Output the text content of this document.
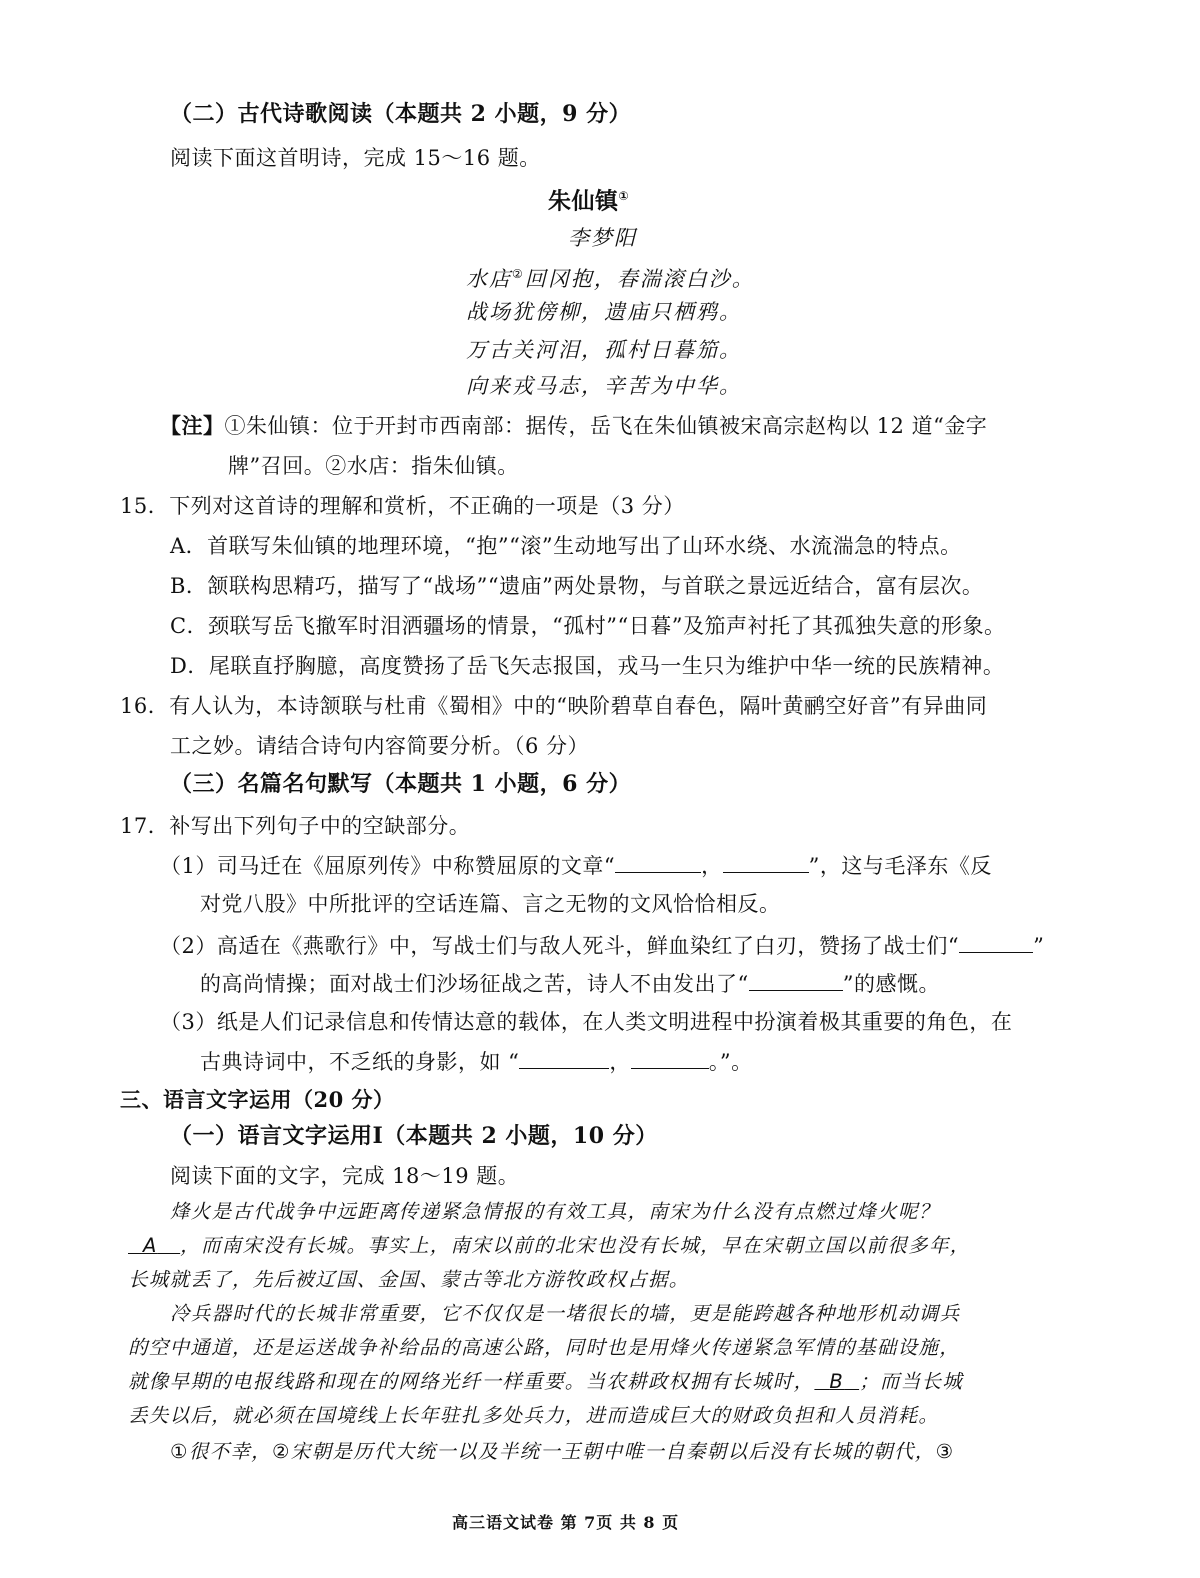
（二）古代诗歌阅读（本题共 2 小题，9 分）
阅读下面这首明诗，完成 15～16 题。
朱仙镇①
李梦阳
水店②回冈抱，春湍滚白沙。
战场犹傍柳，遗庙只栖鸦。
万古关河泪，孤村日暮笳。
向来戎马志，辛苦为中华。
【注】①朱仙镇：位于开封市西南部：据传，岳飞在朱仙镇被宋高宗赵构以 12 道“金字
牌”召回。②水店：指朱仙镇。
15．下列对这首诗的理解和赏析，不正确的一项是（3 分）
A．首联写朱仙镇的地理环境，“抱”“滚”生动地写出了山环水绕、水流湍急的特点。
B．颔联构思精巧，描写了“战场”“遗庙”两处景物，与首联之景远近结合，富有层次。
C．颈联写岳飞撤军时泪洒疆场的情景，“孤村”“日暮”及笳声衬托了其孤独失意的形象。
D．尾联直抒胸臆，高度赞扬了岳飞矢志报国，戎马一生只为维护中华一统的民族精神。
16．有人认为，本诗颔联与杜甫《蜀相》中的“映阶碧草自春色，隔叶黄鹂空好音”有异曲同
工之妙。请结合诗句内容简要分析。（6 分）
（三）名篇名句默写（本题共 1 小题，6 分）
17．补写出下列句子中的空缺部分。
（1）司马迁在《屈原列传》中称赞屈原的文章“	，	”，这与毛泽东《反
对党八股》中所批评的空话连篇、言之无物的文风恰恰相反。
（2）高适在《燕歌行》中，写战士们与敌人死斗，鲜血染红了白刃，赞扬了战士们“	”
的高尚情操；面对战士们沙场征战之苦，诗人不由发出了“	”的感慨。
（3）纸是人们记录信息和传情达意的载体，在人类文明进程中扮演着极其重要的角色，在
古典诗词中，不乏纸的身影，如 “	，	。”。
三、语言文字运用（20 分）
（一）语言文字运用Ⅰ（本题共 2 小题，10 分）
阅读下面的文字，完成 18～19 题。
烽火是古代战争中远距离传递紧急情报的有效工具，南宋为什么没有点燃过烽火呢？
A ，而南宋没有长城。事实上，南宋以前的北宋也没有长城，早在宋朝立国以前很多年，
长城就丢了，先后被辽国、金国、蒙古等北方游牧政权占据。
冷兵器时代的长城非常重要，它不仅仅是一堵很长的墙，更是能跨越各种地形机动调兵
的空中通道，还是运送战争补给品的高速公路，同时也是用烽火传递紧急军情的基础设施，
就像早期的电报线路和现在的网络光纤一样重要。当农耕政权拥有长城时， B ；而当长城
丢失以后，就必须在国境线上长年驻扎多处兵力，进而造成巨大的财政负担和人员消耗。
①很不幸，②宋朝是历代大统一以及半统一王朝中唯一自秦朝以后没有长城的朝代，③
高三语文试卷 第 7页 共 8 页
